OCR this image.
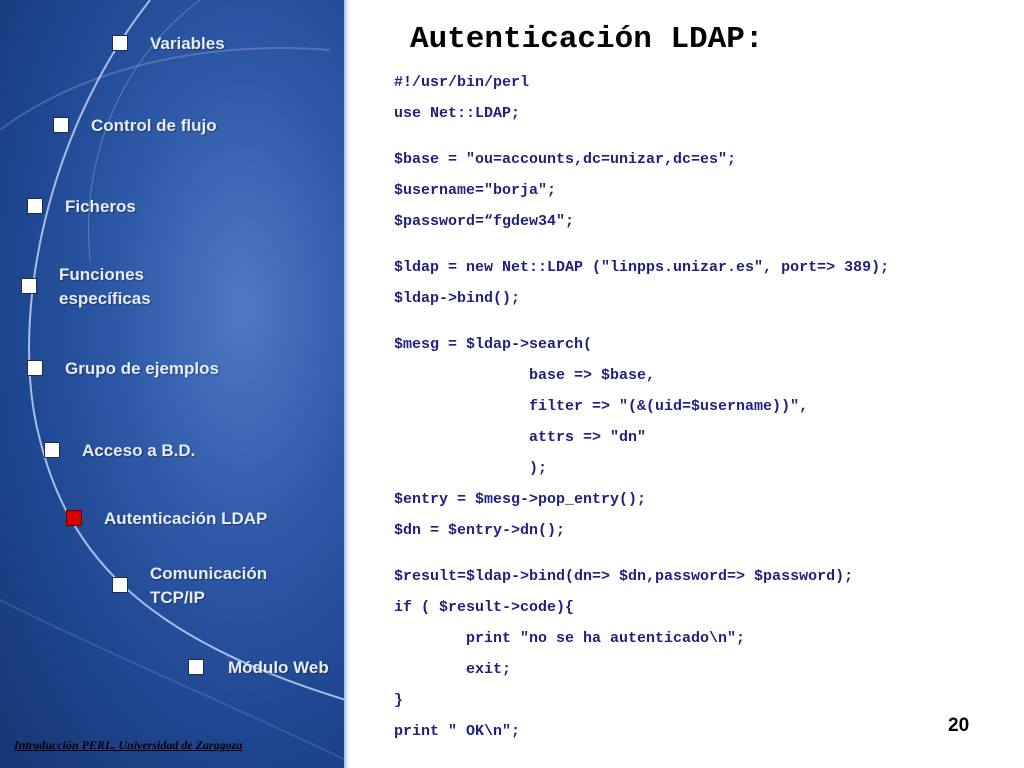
Variables
Control de flujo
Ficheros
Funciones
específicas
Grupo de ejemplos
Acceso a B.D.
Autenticación LDAP
Comunicación
TCP/IP
Módulo Web
Introducción PERL. Universidad de Zaragoza
Autenticación LDAP:
#!/usr/bin/perl
use Net::LDAP;
$base = "ou=accounts,dc=unizar,dc=es";
$username="borja";
$password=“fgdew34";
$ldap = new Net::LDAP ("linpps.unizar.es", port=> 389);
$ldap->bind();
$mesg = $ldap->search(
base => $base,
filter => "(&(uid=$username))",
attrs => "dn"
);
$entry = $mesg->pop_entry();
$dn = $entry->dn();
$result=$ldap->bind(dn=> $dn,password=> $password);
if ( $result->code){
print "no se ha autenticado\n";
exit;
}
print " OK\n";	20
